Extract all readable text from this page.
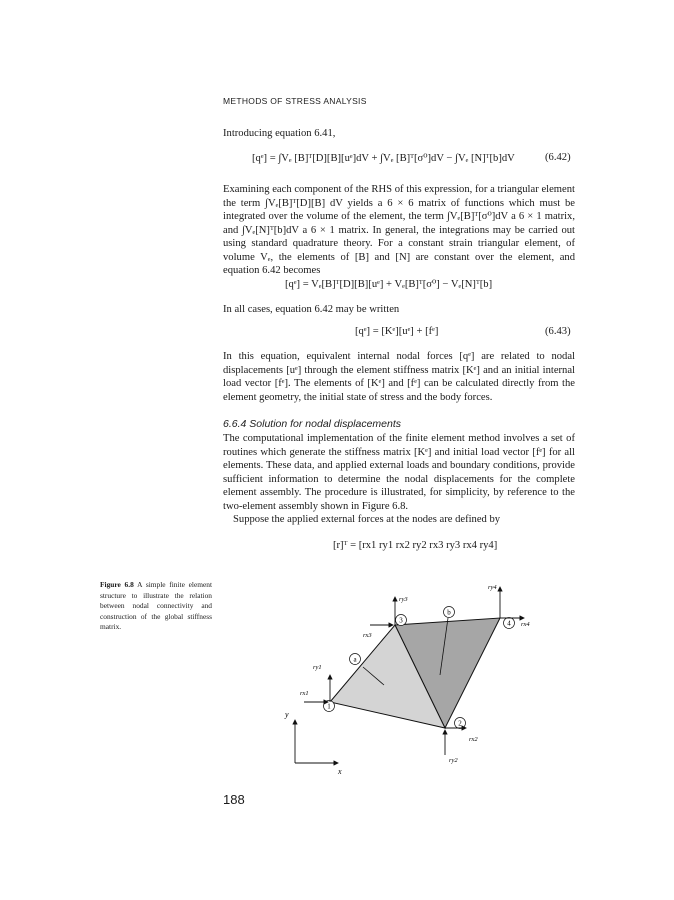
METHODS OF STRESS ANALYSIS

Introducing equation 6.41,

[qᵉ] = ∫Vₑ [B]ᵀ[D][B][uᵉ]dV + ∫Vₑ [B]ᵀ[σ⁰]dV − ∫Vₑ [N]ᵀ[b]dV	(6.42)

Examining each component of the RHS of this expression, for a triangular element the term ∫Vₑ[B]ᵀ[D][B] dV yields a 6 × 6 matrix of functions which must be integrated over the volume of the element, the term ∫Vₑ[B]ᵀ[σ⁰]dV a 6 × 1 matrix, and ∫Vₑ[N]ᵀ[b]dV a 6 × 1 matrix. In general, the integrations may be carried out using standard quadrature theory. For a constant strain triangular element, of volume Vₑ, the elements of [B] and [N] are constant over the element, and equation 6.42 becomes

[qᵉ] = Vₑ[B]ᵀ[D][B][uᵉ] + Vₑ[B]ᵀ[σ⁰] − Vₑ[N]ᵀ[b]

In all cases, equation 6.42 may be written

[qᵉ] = [Kᵉ][uᵉ] + [fᵉ]	(6.43)

In this equation, equivalent internal nodal forces [qᵉ] are related to nodal displacements [uᵉ] through the element stiffness matrix [Kᵉ] and an initial internal load vector [fᵉ]. The elements of [Kᵉ] and [fᵉ] can be calculated directly from the element geometry, the initial state of stress and the body forces.

6.6.4 Solution for nodal displacements

The computational implementation of the finite element method involves a set of routines which generate the stiffness matrix [Kᵉ] and initial load vector [fᵉ] for all elements. These data, and applied external loads and boundary conditions, provide sufficient information to determine the nodal displacements for the complete element assembly. The procedure is illustrated, for simplicity, by reference to the two-element assembly shown in Figure 6.8.

Suppose the applied external forces at the nodes are defined by

[r]ᵀ = [rx1 ry1 rx2 ry2 rx3 ry3 rx4 ry4]
Figure 6.8 A simple finite element structure to illustrate the relation between nodal connectivity and construction of the global stiffness matrix.
a
b
1
2
3	4
ry3
rx3
ry4
rx4
ry1
rx1
rx2
ry2
y
x
188
